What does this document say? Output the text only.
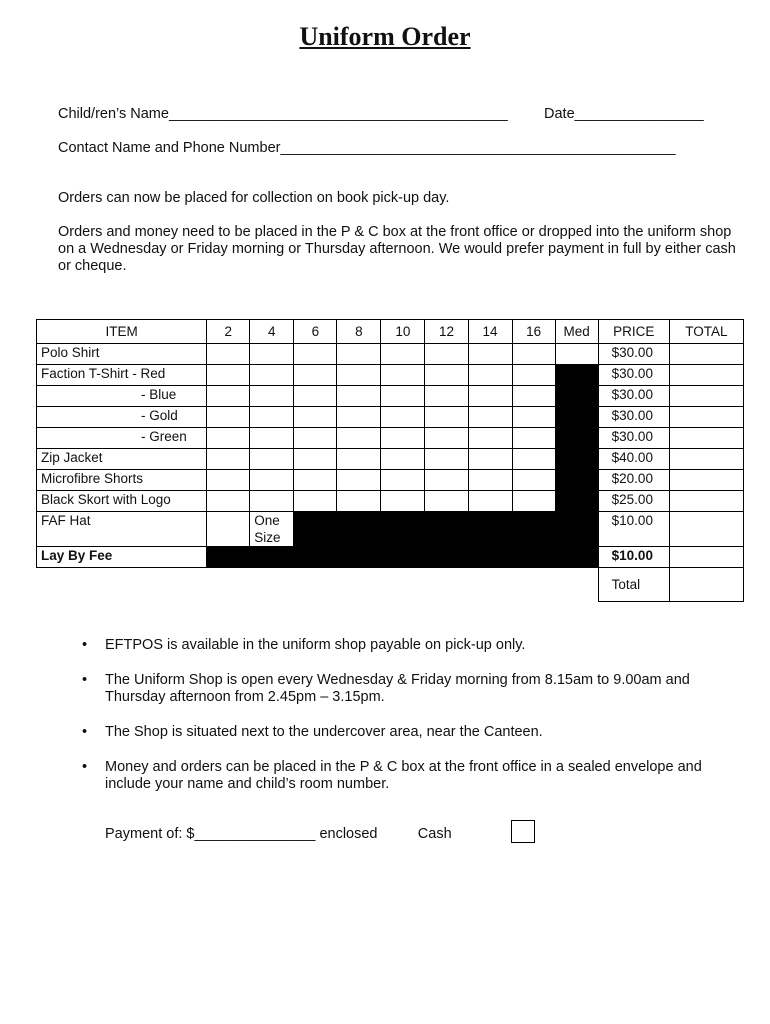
Uniform Order
Child/ren’s Name__________________________________________	Date________________
Contact Name and Phone Number_________________________________________________
Orders can now be placed for collection on book pick-up day.
Orders and money need to be placed in the P & C box at the front office or dropped into the uniform shop on a Wednesday or Friday morning or Thursday afternoon. We would prefer payment in full by either cash or cheque.
ITEM	2	4	6	8	10	12	14	16	Med	PRICE	TOTAL
Polo Shirt										$30.00	
Faction T-Shirt - Red										$30.00	
- Blue										$30.00	
- Gold										$30.00	
- Green										$30.00	
Zip Jacket										$40.00	
Microfibre Shorts										$20.00	
Black Skort with Logo										$25.00	
FAF Hat		One Size								$10.00	
Lay By Fee										$10.00	
										Total	
• EFTPOS is available in the uniform shop payable on pick-up only.
• The Uniform Shop is open every Wednesday & Friday morning from 8.15am to 9.00am and Thursday afternoon from 2.45pm – 3.15pm.
• The Shop is situated next to the undercover area, near the Canteen.
• Money and orders can be placed in the P & C box at the front office in a sealed envelope and include your name and child’s room number.
Payment of: $_______________ enclosed	Cash
